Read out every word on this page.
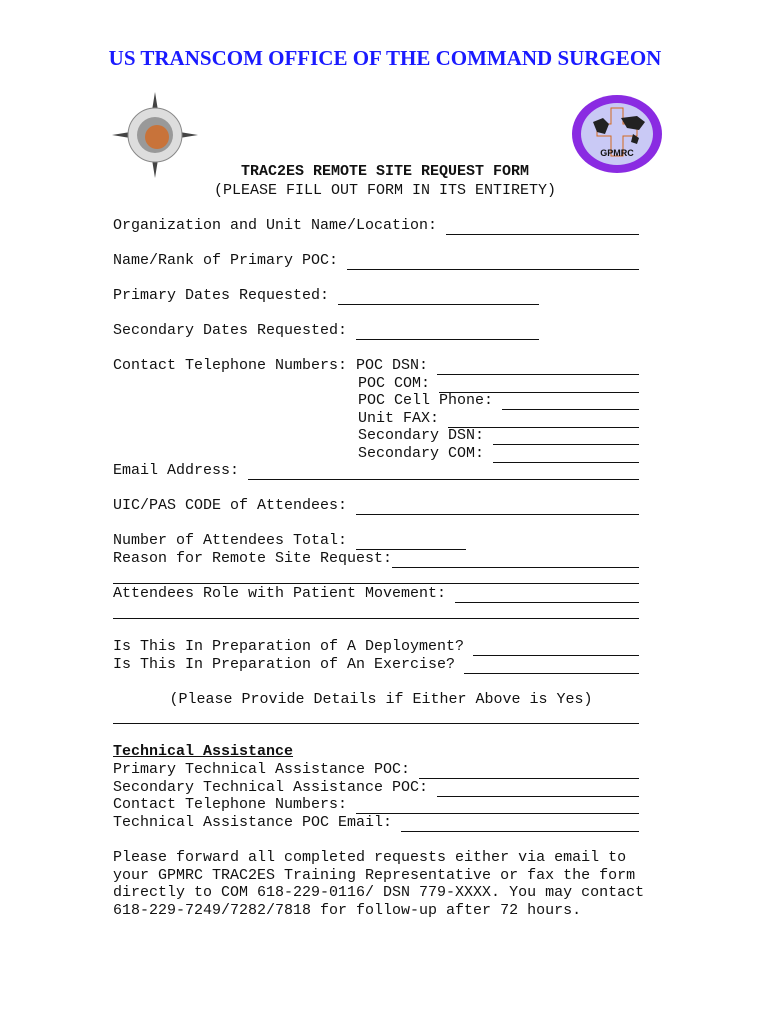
US TRANSCOM OFFICE OF THE COMMAND SURGEON
GPMRC
TRAC2ES REMOTE SITE REQUEST FORM
(PLEASE FILL OUT FORM IN ITS ENTIRETY)
Organization and Unit Name/Location:
Name/Rank of Primary POC:
Primary Dates Requested:
Secondary Dates Requested:
Contact Telephone Numbers: POC DSN:
POC COM:
POC Cell Phone:
Unit FAX:
Secondary DSN:
Secondary COM:
Email Address:
UIC/PAS CODE of Attendees:
Number of Attendees Total:
Reason for Remote Site Request:
Attendees Role with Patient Movement:
Is This In Preparation of A Deployment?
Is This In Preparation of An Exercise?
(Please Provide Details if Either Above is Yes)
Technical Assistance
Primary Technical Assistance POC:
Secondary Technical Assistance POC:
Contact Telephone Numbers:
Technical Assistance POC Email:
Please forward all completed requests either via email to
your GPMRC TRAC2ES Training Representative or fax the form
directly to COM 618-229-0116/ DSN 779-XXXX. You may contact
618-229-7249/7282/7818 for follow-up after 72 hours.
